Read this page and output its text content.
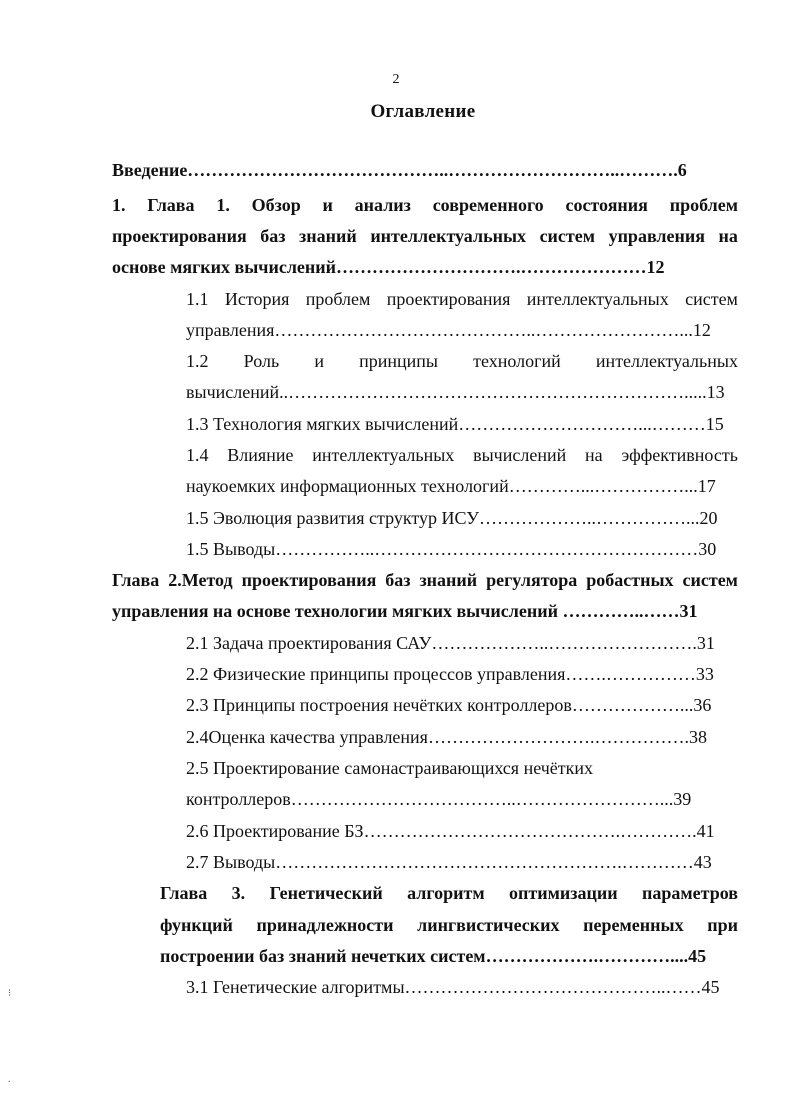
2
Оглавление
Введение……………………………………..………………………..……….6
1. Глава 1. Обзор и анализ современного состояния проблем
проектирования баз знаний интеллектуальных систем управления на
основе мягких вычислений………………………….…………………12
1.1 История проблем проектирования интеллектуальных систем
управления……………………………………..……………………...12
1.2 Роль и принципы технологий интеллектуальных
вычислений..………………………………………………………….....13
1.3 Технология мягких вычислений…………………………...………15
1.4 Влияние интеллектуальных вычислений на эффективность
наукоемких информационных технологий…………...……………...17
1.5 Эволюция развития структур ИСУ………………..……………...20
1.5 Выводы……………..………………………………………………30
Глава 2.Метод проектирования баз знаний регулятора робастных систем
управления на основе технологии мягких вычислений …………..……31
2.1 Задача проектирования САУ………………..…………………….31
2.2 Физические принципы процессов управления…….……………33
2.3 Принципы построения нечётких контроллеров………………...36
2.4Оценка качества управления……………………….…………….38
2.5 Проектирование самонастраивающихся нечётких
контроллеров………………………………..……………………...39
2.6 Проектирование БЗ…………………………………….………….41
2.7 Выводы………………………………………………….…………43
Глава 3. Генетический алгоритм оптимизации параметров
функций принадлежности лингвистических переменных при
построении баз знаний нечетких систем……………….…………....45
3.1 Генетические алгоритмы……………………………………..……45
⁝
.
